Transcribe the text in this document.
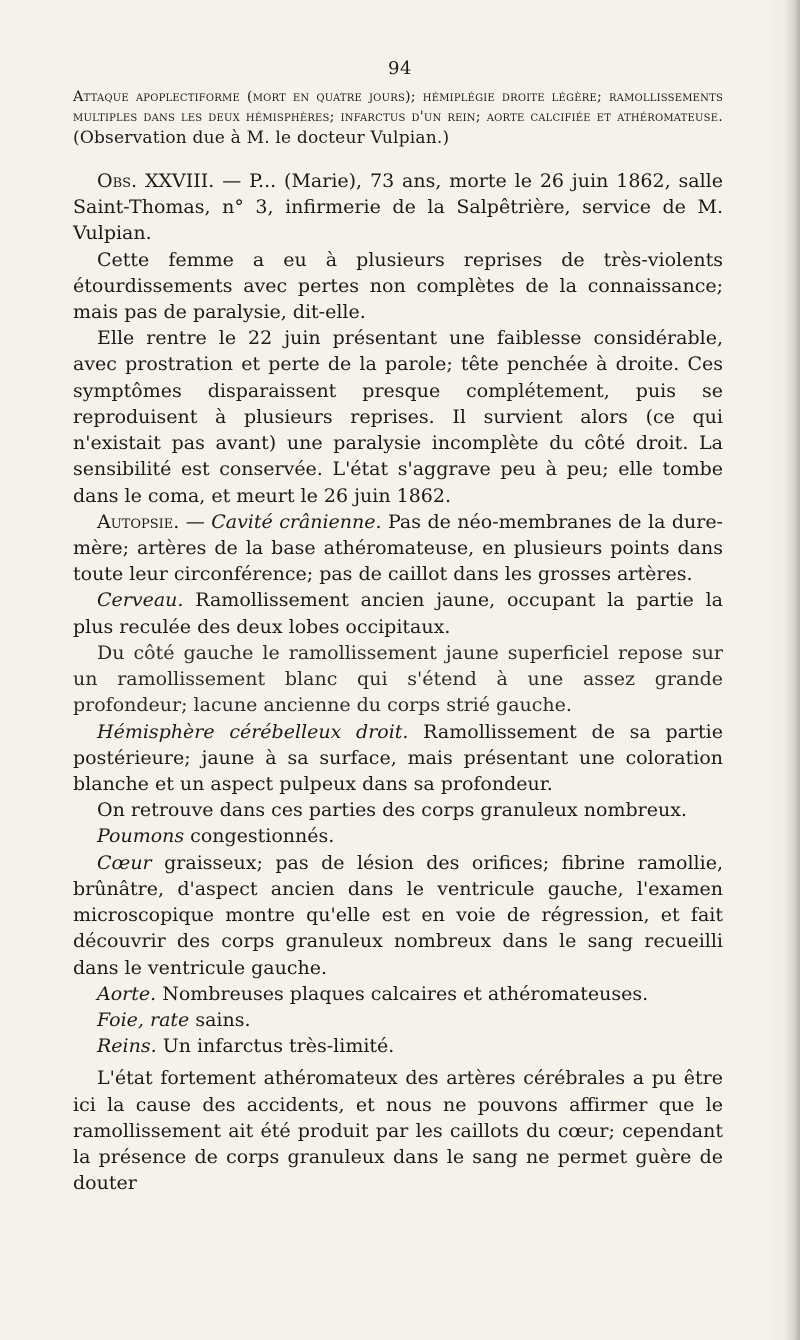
94
Attaque apoplectiforme (mort en quatre jours); hémiplégie droite légère; ramollissements multiples dans les deux hémisphères; infarctus d'un rein; aorte calcifiée et athéromateuse. (Observation due à M. le docteur Vulpian.)

Obs. XXVIII. — P... (Marie), 73 ans, morte le 26 juin 1862, salle Saint-Thomas, n° 3, infirmerie de la Salpêtrière, service de M. Vulpian.

Cette femme a eu à plusieurs reprises de très-violents étourdissements avec pertes non complètes de la connaissance; mais pas de paralysie, dit-elle.

Elle rentre le 22 juin présentant une faiblesse considérable, avec prostration et perte de la parole; tête penchée à droite. Ces symptômes disparaissent presque complétement, puis se reproduisent à plusieurs reprises. Il survient alors (ce qui n'existait pas avant) une paralysie incomplète du côté droit. La sensibilité est conservée. L'état s'aggrave peu à peu; elle tombe dans le coma, et meurt le 26 juin 1862.

Autopsie. — Cavité crânienne. Pas de néo-membranes de la dure-mère; artères de la base athéromateuse, en plusieurs points dans toute leur circonférence; pas de caillot dans les grosses artères.

Cerveau. Ramollissement ancien jaune, occupant la partie la plus reculée des deux lobes occipitaux.

Du côté gauche le ramollissement jaune superficiel repose sur un ramollissement blanc qui s'étend à une assez grande profondeur; lacune ancienne du corps strié gauche.

Hémisphère cérébelleux droit. Ramollissement de sa partie postérieure; jaune à sa surface, mais présentant une coloration blanche et un aspect pulpeux dans sa profondeur.

On retrouve dans ces parties des corps granuleux nombreux.

Poumons congestionnés.

Cœur graisseux; pas de lésion des orifices; fibrine ramollie, brûnâtre, d'aspect ancien dans le ventricule gauche, l'examen microscopique montre qu'elle est en voie de régression, et fait découvrir des corps granuleux nombreux dans le sang recueilli dans le ventricule gauche.

Aorte. Nombreuses plaques calcaires et athéromateuses.

Foie, rate sains.

Reins. Un infarctus très-limité.

L'état fortement athéromateux des artères cérébrales a pu être ici la cause des accidents, et nous ne pouvons affirmer que le ramollissement ait été produit par les caillots du cœur; cependant la présence de corps granuleux dans le sang ne permet guère de douter
